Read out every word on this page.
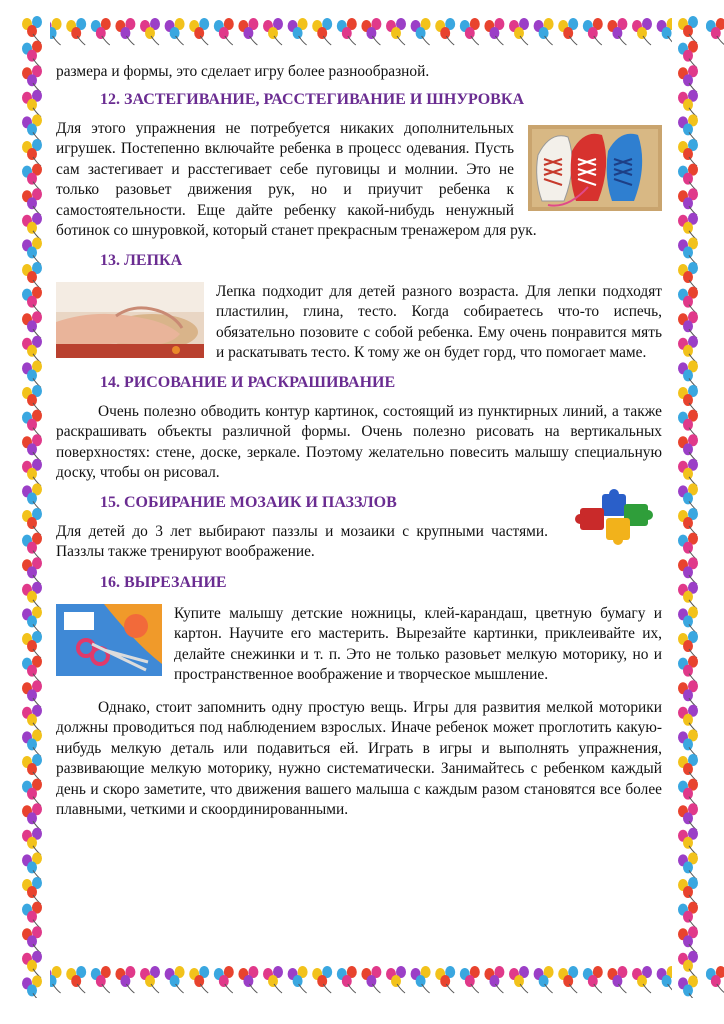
размера и формы, это сделает игру более разнообразной.

12. ЗАСТЕГИВАНИЕ, РАССТЕГИВАНИЕ И ШНУРОВКА

Для этого упражнения не потребуется никаких дополнительных игрушек. Постепенно включайте ребенка в процесс одевания. Пусть сам застегивает и расстегивает себе пуговицы и молнии. Это не только разовьет движения рук, но и приучит ребенка к самостоятельности. Еще дайте ребенку какой-нибудь ненужный ботинок со шнуровкой, который станет прекрасным тренажером для рук.

13. ЛЕПКА

Лепка подходит для детей разного возраста. Для лепки подходят пластилин, глина, тесто. Когда собираетесь что-то испечь, обязательно позовите с собой ребенка. Ему очень понравится мять и раскатывать тесто. К тому же он будет горд, что помогает маме.

14. РИСОВАНИЕ И РАСКРАШИВАНИЕ

Очень полезно обводить контур картинок, состоящий из пунктирных линий, а также раскрашивать объекты различной формы. Очень полезно рисовать на вертикальных поверхностях: стене, доске, зеркале. Поэтому желательно повесить малышу специальную доску, чтобы он рисовал.

15. СОБИРАНИЕ МОЗАИК И ПАЗЗЛОВ

Для детей до 3 лет выбирают паззлы и мозаики с крупными частями. Паззлы также тренируют воображение.

16. ВЫРЕЗАНИЕ

Купите малышу детские ножницы, клей-карандаш, цветную бумагу и картон. Научите его мастерить. Вырезайте картинки, приклеивайте их, делайте снежинки и т. п. Это не только разовьет мелкую моторику, но и пространственное воображение и творческое мышление.

Однако, стоит запомнить одну простую вещь. Игры для развития мелкой моторики должны проводиться под наблюдением взрослых. Иначе ребенок может проглотить какую-нибудь мелкую деталь или подавиться ей. Играть в игры и выполнять упражнения, развивающие мелкую моторику, нужно систематически. Занимайтесь с ребенком каждый день и скоро заметите, что движения вашего малыша с каждым разом становятся все более плавными, четкими и скоординированными.
